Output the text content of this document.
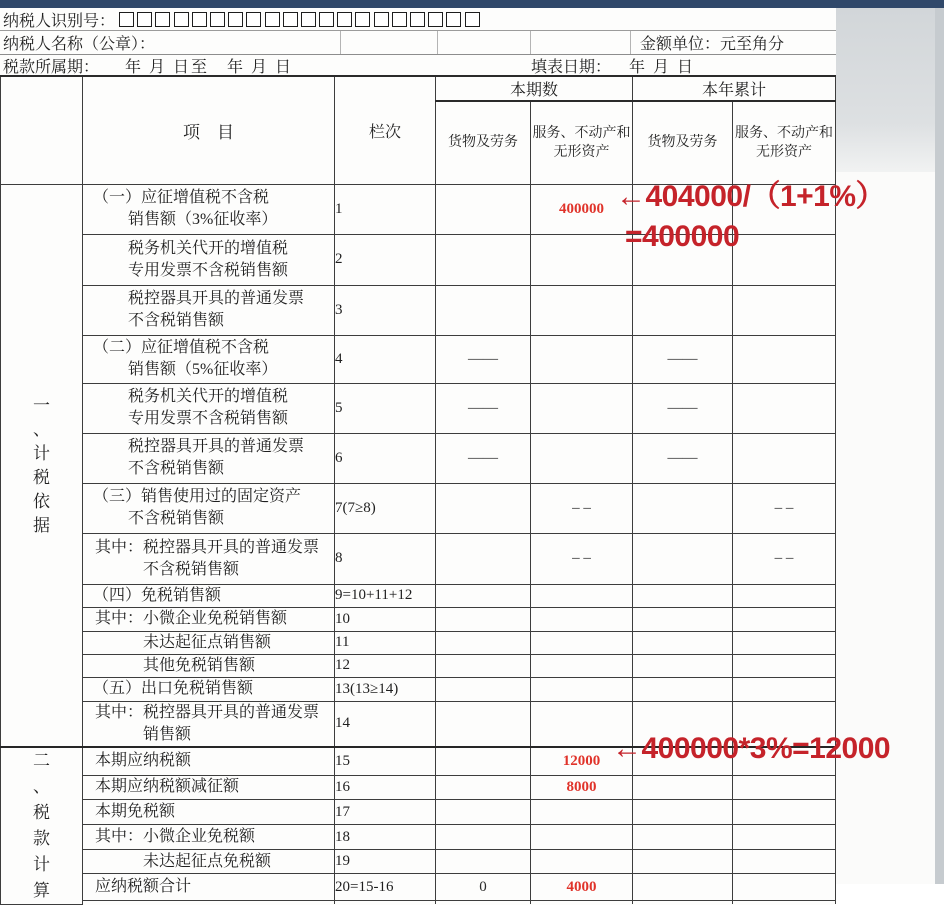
纳税人识别号：
纳税人名称（公章）：	金额单位：元至角分
税款所属期： 年 月 日至　年 月 日	填表日期： 年 月 日
	项　目	栏次	本期数		本年累计	
			货物及劳务	服务、不动产和无形资产	货物及劳务	服务、不动产和无形资产

一
、
计
税
依
据

（一）应征增值税不含税
销售额（3%征收率）
	1		400000		

	税务机关代开的增值税
专用发票不含税销售额	2				

	税控器具开具的普通发票
不含税销售额	3				

	（二）应征增值税不含税
销售额（5%征收率）	4	——		——	

	税务机关代开的增值税
专用发票不含税销售额	5	——		——	

	税控器具开具的普通发票
不含税销售额	6	——		——	

	（三）销售使用过的固定资产
不含税销售额	7(7≥8)		– –		– –

	其中：税控器具开具的普通发票
不含税销售额	8		– –		– –

	（四）免税销售额	9=10+11+12				

	其中：小微企业免税销售额	10				

	未达起征点销售额	11				

	其他免税销售额	12				

	（五）出口免税销售额	13(13≥14)				

	其中：税控器具开具的普通发票
销售额	14				

二
、
税
款
计
算

本期应纳税额	15		12000		

	本期应纳税额减征额	16		8000		

	本期免税额	17				

	其中：小微企业免税额	18				

	未达起征点免税额	19				

	应纳税额合计	20=15-16	0	4000		

←404000/（1+1%）
=400000
←400000*3%=12000
